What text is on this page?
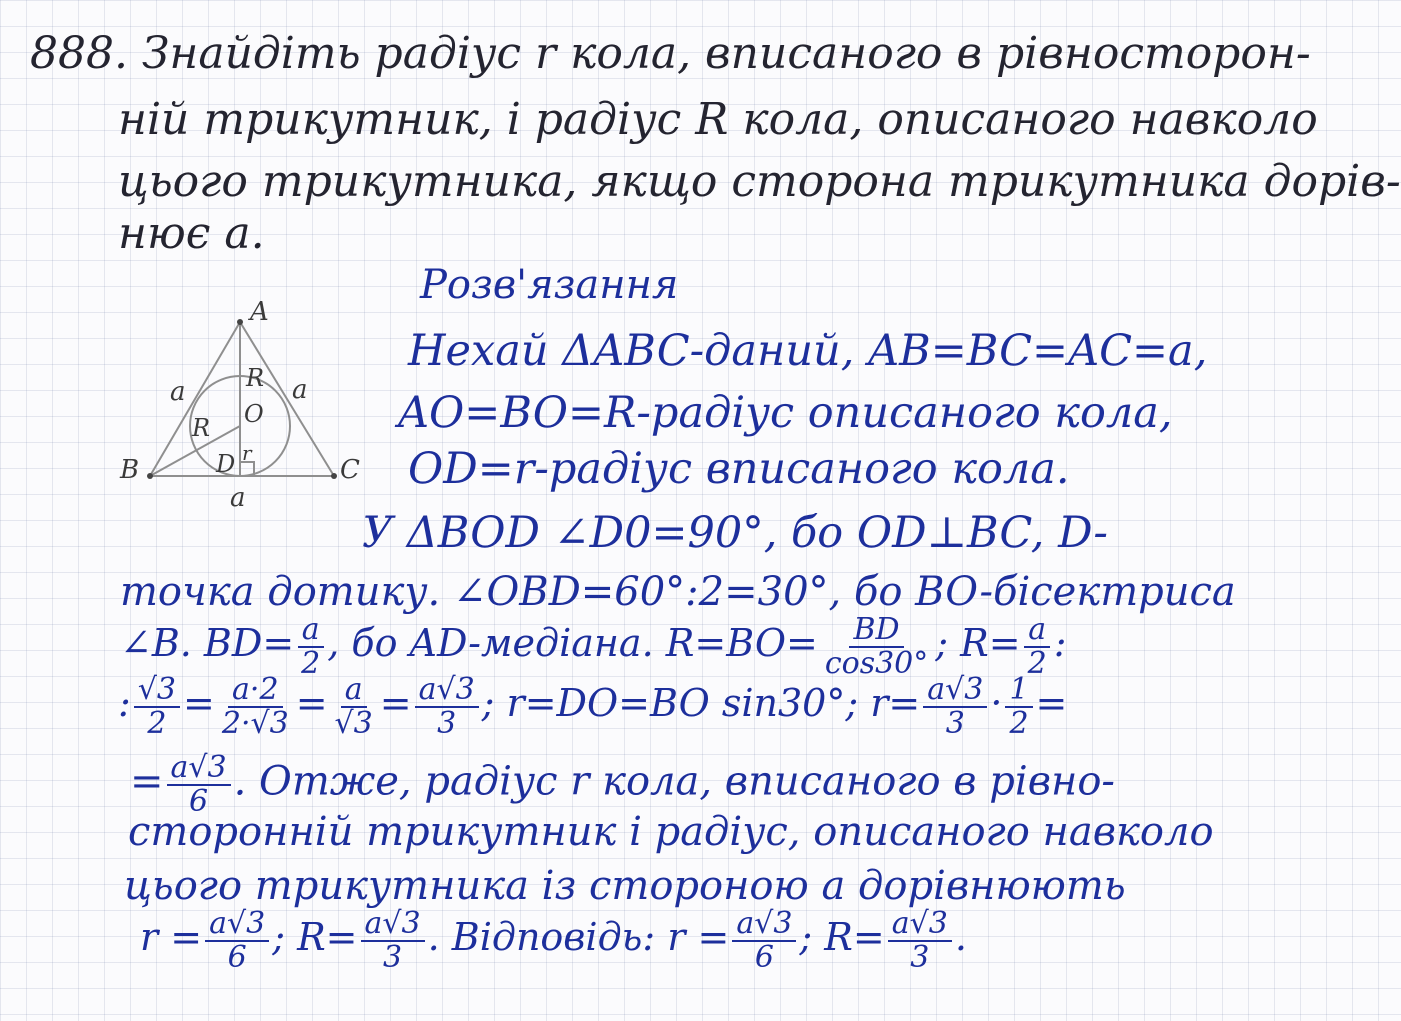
888. Знайдіть радіус r кола, вписаного в рівносторон-
ній трикутник, і радіус R кола, описаного навколо
цього трикутника, якщо сторона трикутника дорів-
нює a.
Розв'язання
A
B	C
a	a
a
R
O
R
D r
Нехай ΔABC-даний, AB=BC=AC=a,
AO=BO=R-радіус описаного кола,
OD=r-радіус вписаного кола.
У ΔBOD ∠D0=90°, бо OD⊥BC, D-
точка дотику. ∠OBD=60°:2=30°, бо BO-бісектриса
∠B. $BD= \frac{a}{2}$ , бо AD-медіана. $R=BO= \frac{BD}{\cos 30^\circ}$ ; $R= \frac{a}{2}$ :
: $\frac{√3}{2} = \frac{a\cdot 2}{2\cdot√3} = \frac{a}{√3} = \frac{a√3}{3}$ ; r=DO=BO sin30°; $r= \frac{a√3}{3} \cdot \frac{1}{2}$ =
= $\frac{a√3}{6}$ . Отже, радіус r кола, вписаного в рівно-
сторонній трикутник і радіус, описаного навколо
цього трикутника із стороною a дорівнюють
$r = \frac{a√3}{6}$ ; $R= \frac{a√3}{3}$ . Відповідь: $r = \frac{a√3}{6}$ ; $R= \frac{a√3}{3}$ .
